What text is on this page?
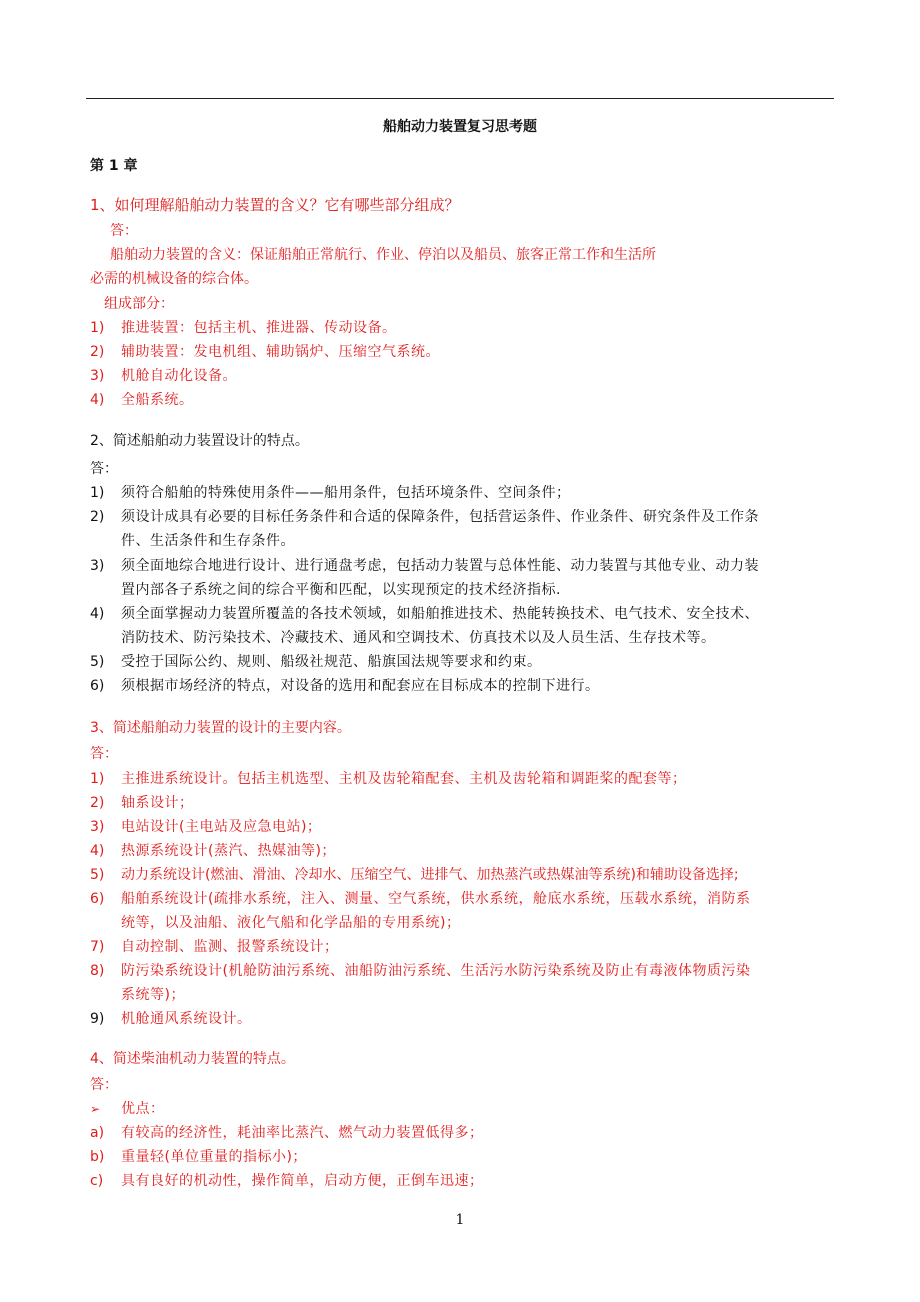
船舶动力装置复习思考题
第 1 章
1、如何理解船舶动力装置的含义？它有哪些部分组成？
答：
船舶动力装置的含义：保证船舶正常航行、作业、停泊以及船员、旅客正常工作和生活所
必需的机械设备的综合体。
组成部分：
1) 推进装置：包括主机、推进器、传动设备。
2) 辅助装置：发电机组、辅助锅炉、压缩空气系统。
3) 机舱自动化设备。
4) 全船系统。
2、简述船舶动力装置设计的特点。
答：
1) 须符合船舶的特殊使用条件——船用条件，包括环境条件、空间条件；
2) 须设计成具有必要的目标任务条件和合适的保障条件，包括营运条件、作业条件、研究条件及工作条
件、生活条件和生存条件。
3) 须全面地综合地进行设计、进行通盘考虑，包括动力装置与总体性能、动力装置与其他专业、动力装
置内部各子系统之间的综合平衡和匹配，以实现预定的技术经济指标.
4) 须全面掌握动力装置所覆盖的各技术领域，如船舶推进技术、热能转换技术、电气技术、安全技术、
消防技术、防污染技术、冷藏技术、通风和空调技术、仿真技术以及人员生活、生存技术等。
5) 受控于国际公约、规则、船级社规范、船旗国法规等要求和约束。
6) 须根据市场经济的特点，对设备的选用和配套应在目标成本的控制下进行。
3、简述船舶动力装置的设计的主要内容。
答：
1) 主推进系统设计。包括主机选型、主机及齿轮箱配套、主机及齿轮箱和调距桨的配套等；
2) 轴系设计；
3) 电站设计(主电站及应急电站)；
4) 热源系统设计(蒸汽、热媒油等)；
5) 动力系统设计(燃油、滑油、冷却水、压缩空气、进排气、加热蒸汽或热媒油等系统)和辅助设备选择;
6) 船舶系统设计(疏排水系统，注入、测量、空气系统，供水系统，舱底水系统，压载水系统，消防系
统等，以及油船、液化气船和化学品船的专用系统)；
7) 自动控制、监测、报警系统设计；
8) 防污染系统设计(机舱防油污系统、油船防油污系统、生活污水防污染系统及防止有毒液体物质污染
系统等)；
9) 机舱通风系统设计。
4、简述柴油机动力装置的特点。
答：
➢ 优点：
a) 有较高的经济性，耗油率比蒸汽、燃气动力装置低得多；
b) 重量轻(单位重量的指标小)；
c) 具有良好的机动性，操作简单，启动方便，正倒车迅速；
1
